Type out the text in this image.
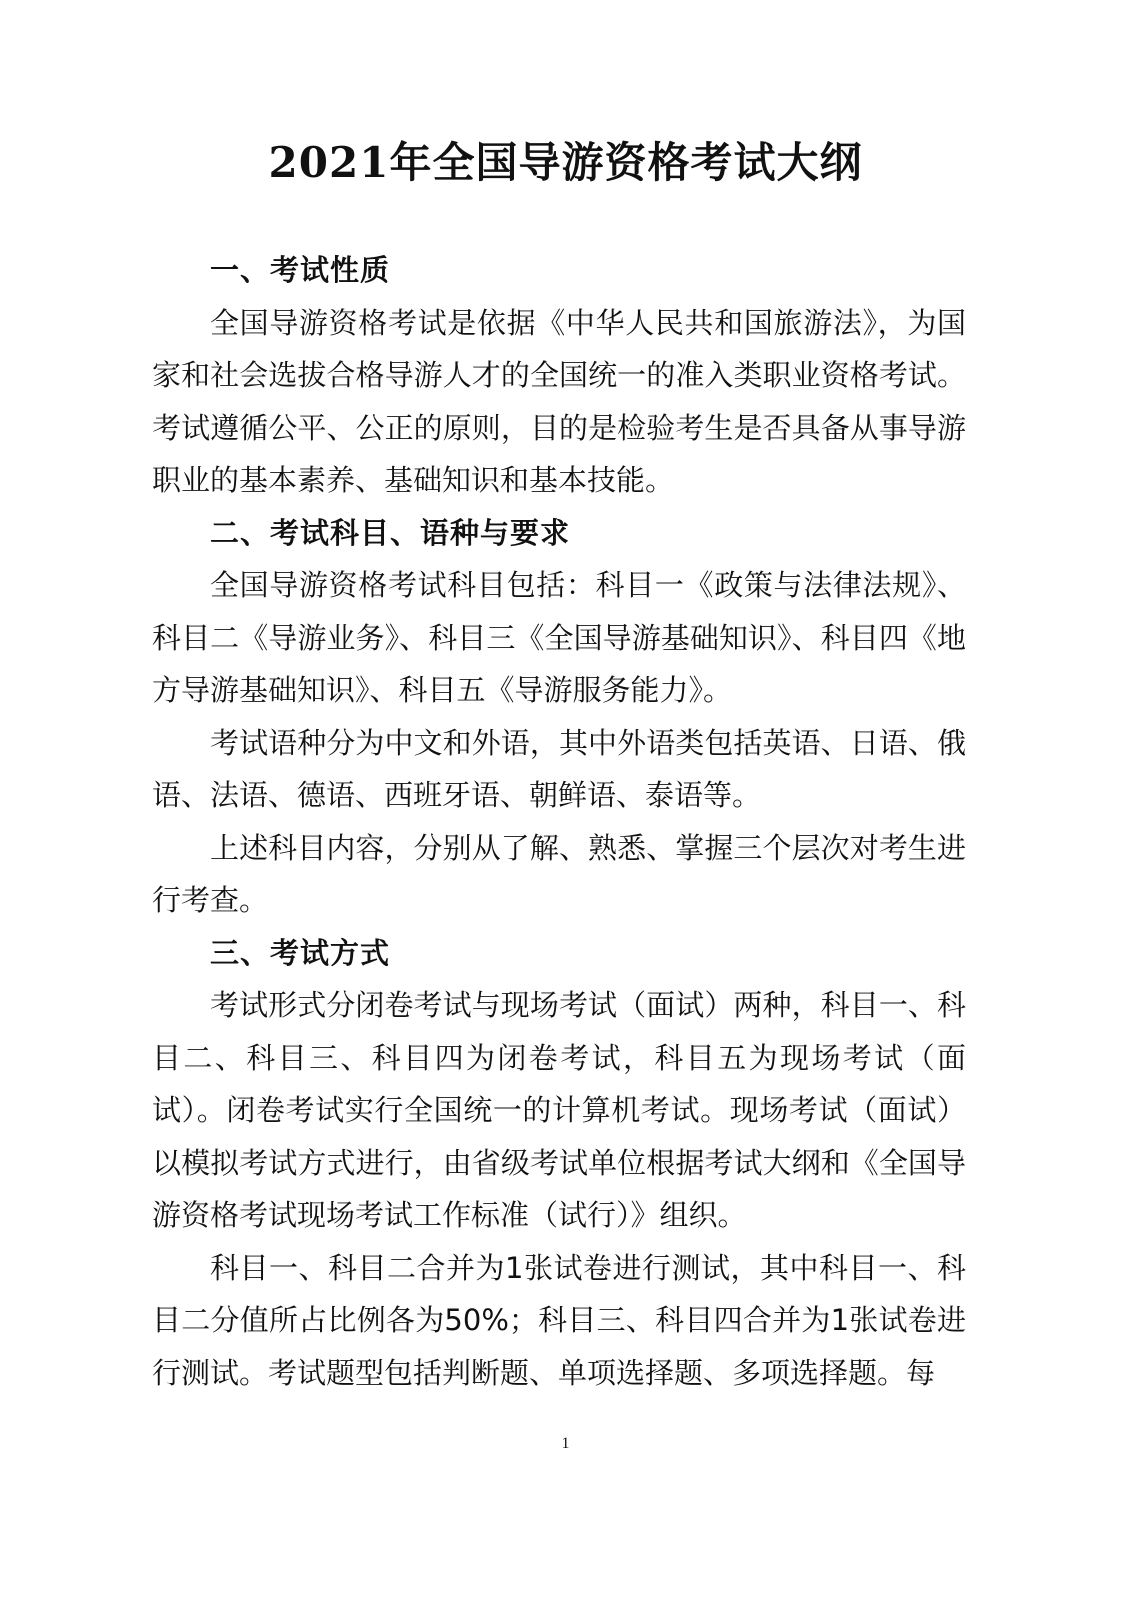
2021年全国导游资格考试大纲
一、考试性质

全国导游资格考试是依据《中华人民共和国旅游法》，为国家和社会选拔合格导游人才的全国统一的准入类职业资格考试。考试遵循公平、公正的原则，目的是检验考生是否具备从事导游职业的基本素养、基础知识和基本技能。

二、考试科目、语种与要求

全国导游资格考试科目包括：科目一《政策与法律法规》、科目二《导游业务》、科目三《全国导游基础知识》、科目四《地方导游基础知识》、科目五《导游服务能力》。

考试语种分为中文和外语，其中外语类包括英语、日语、俄语、法语、德语、西班牙语、朝鲜语、泰语等。

上述科目内容，分别从了解、熟悉、掌握三个层次对考生进行考查。

三、考试方式

考试形式分闭卷考试与现场考试（面试）两种，科目一、科目二、科目三、科目四为闭卷考试，科目五为现场考试（面试）。闭卷考试实行全国统一的计算机考试。现场考试（面试）以模拟考试方式进行，由省级考试单位根据考试大纲和《全国导游资格考试现场考试工作标准（试行）》组织。

科目一、科目二合并为1张试卷进行测试，其中科目一、科目二分值所占比例各为50%；科目三、科目四合并为1张试卷进行测试。考试题型包括判断题、单项选择题、多项选择题。每

1
